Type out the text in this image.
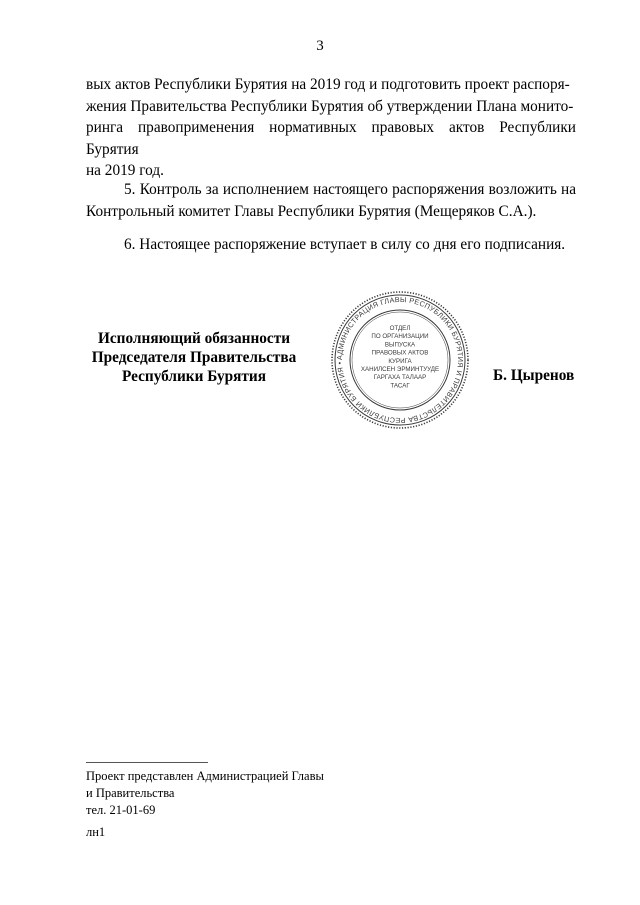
3
вых актов Республики Бурятия на 2019 год и подготовить проект распоря-
жения Правительства Республики Бурятия об утверждении Плана монито-
ринга правоприменения нормативных правовых актов Республики Бурятия
на 2019 год.
5. Контроль за исполнением настоящего распоряжения возложить на
Контрольный комитет Главы Республики Бурятия (Мещеряков С.А.).
6. Настоящее распоряжение вступает в силу со дня его подписания.
Исполняющий обязанности
Председателя Правительства
Республики Бурятия
АДМИНИСТРАЦИЯ ГЛАВЫ РЕСПУБЛИКИ БУРЯТИЯ И ПРАВИТЕЛЬСТВА РЕСПУБЛИКИ БУРЯТИЯ •
ОТДЕЛ
ПО ОРГАНИЗАЦИИ
ВЫПУСКА
ПРАВОВЫХ АКТОВ
КУРИГА
ХАНИЛСЕН ЭРМИНТУУДЕ
ГАРГАХА ТАЛААР
ТАСАГ
Б. Цыренов
Проект представлен Администрацией Главы
и Правительства
тел. 21-01-69
лн1
